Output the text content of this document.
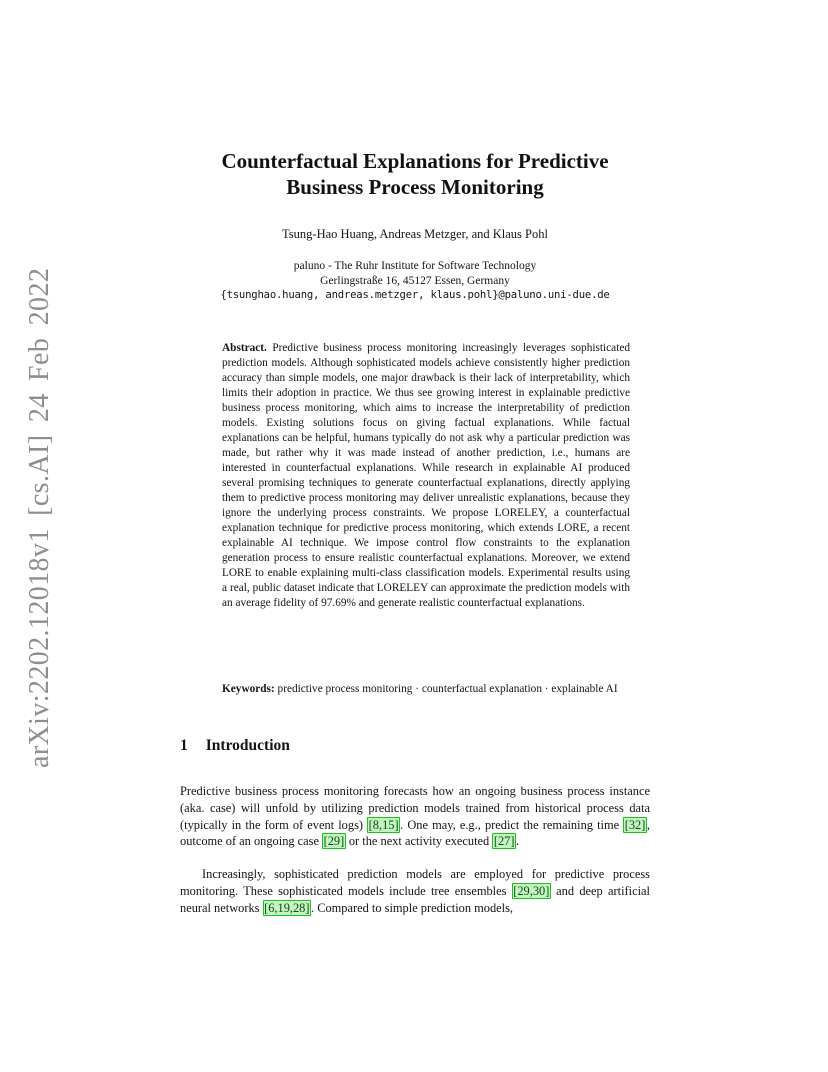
arXiv:2202.12018v1 [cs.AI] 24 Feb 2022
Counterfactual Explanations for Predictive
Business Process Monitoring
Tsung-Hao Huang, Andreas Metzger, and Klaus Pohl
paluno - The Ruhr Institute for Software Technology
Gerlingstraße 16, 45127 Essen, Germany
{tsunghao.huang, andreas.metzger, klaus.pohl}@paluno.uni-due.de
Abstract. Predictive business process monitoring increasingly leverages sophisticated prediction models. Although sophisticated models achieve consistently higher prediction accuracy than simple models, one major drawback is their lack of interpretability, which limits their adoption in practice. We thus see growing interest in explainable predictive business process monitoring, which aims to increase the interpretability of prediction models. Existing solutions focus on giving factual explanations. While factual explanations can be helpful, humans typically do not ask why a particular prediction was made, but rather why it was made instead of another prediction, i.e., humans are interested in counterfactual explanations. While research in explainable AI produced several promising techniques to generate counterfactual explanations, directly applying them to predictive process monitoring may deliver unrealistic explanations, because they ignore the underlying process constraints. We propose LORELEY, a counterfactual explanation technique for predictive process monitoring, which extends LORE, a recent explainable AI technique. We impose control flow constraints to the explanation generation process to ensure realistic counterfactual explanations. Moreover, we extend LORE to enable explaining multi-class classification models. Experimental results using a real, public dataset indicate that LORELEY can approximate the prediction models with an average fidelity of 97.69% and generate realistic counterfactual explanations.
Keywords: predictive process monitoring · counterfactual explanation · explainable AI
1 Introduction

Predictive business process monitoring forecasts how an ongoing business process instance (aka. case) will unfold by utilizing prediction models trained from historical process data (typically in the form of event logs) [8,15] . One may, e.g., predict the remaining time [32] , outcome of an ongoing case [29] or the next activity executed [27] .

Increasingly, sophisticated prediction models are employed for predictive process monitoring. These sophisticated models include tree ensembles [29,30] and deep artificial neural networks [6,19,28] . Compared to simple prediction models,
